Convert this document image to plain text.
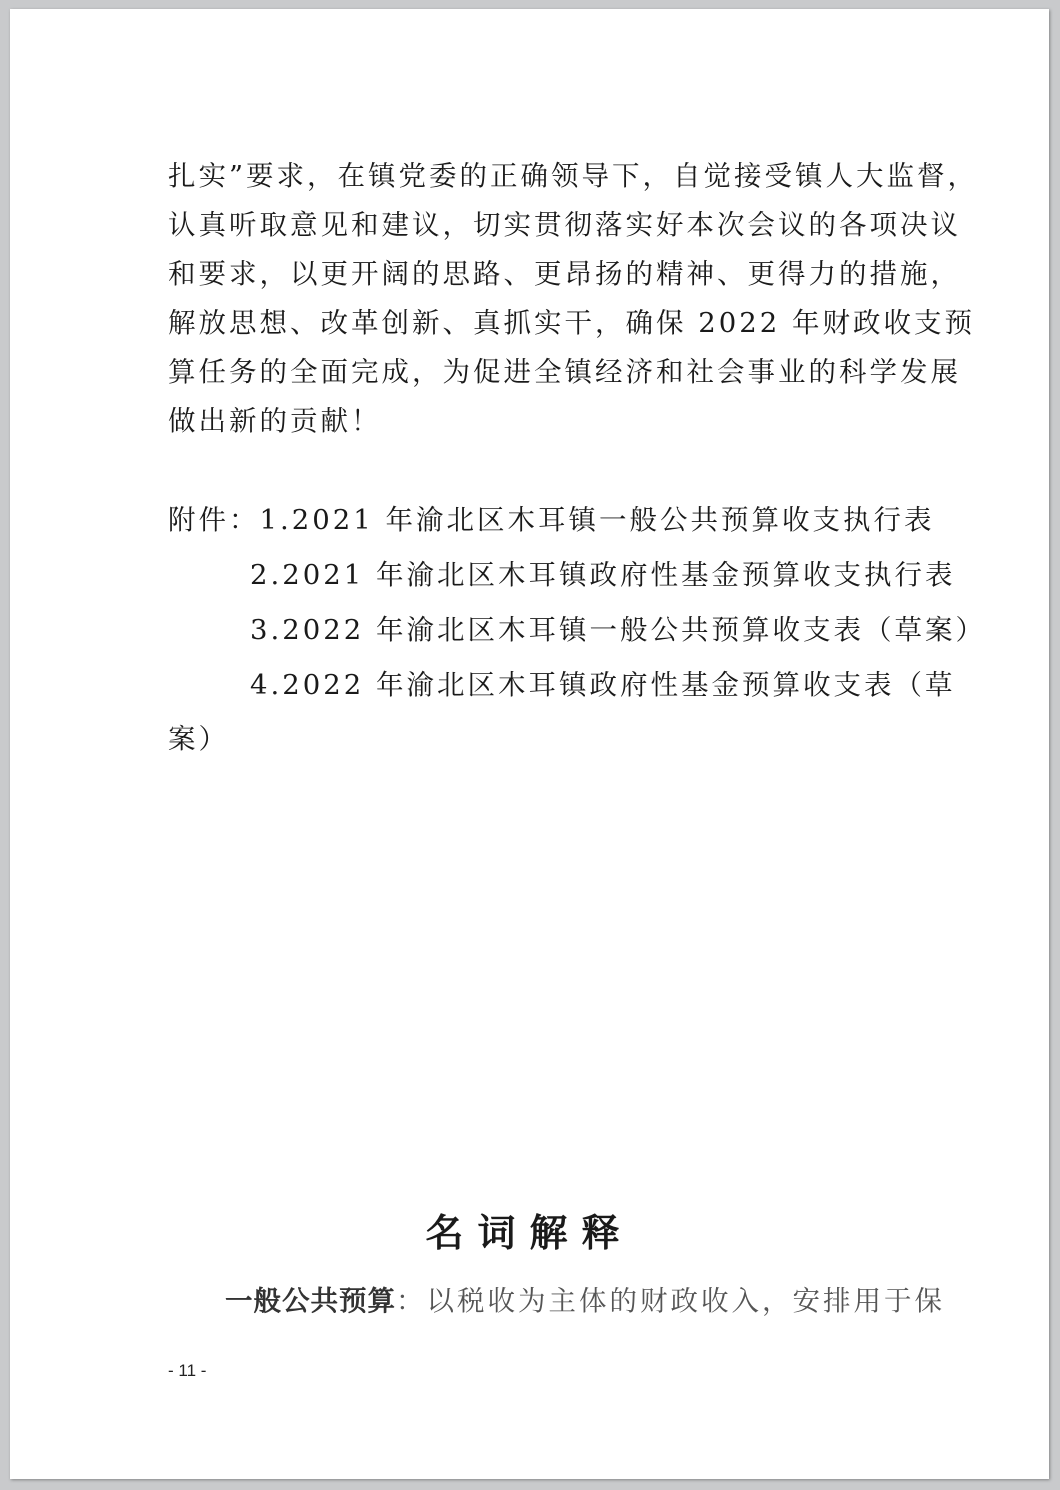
扎实”要求，在镇党委的正确领导下，自觉接受镇人大监督，
认真听取意见和建议，切实贯彻落实好本次会议的各项决议
和要求，以更开阔的思路、更昂扬的精神、更得力的措施，
解放思想、改革创新、真抓实干，确保 2022 年财政收支预
算任务的全面完成，为促进全镇经济和社会事业的科学发展
做出新的贡献！
附件：1.2021 年渝北区木耳镇一般公共预算收支执行表
2.2021 年渝北区木耳镇政府性基金预算收支执行表
3.2022 年渝北区木耳镇一般公共预算收支表（草案）
4.2022 年渝北区木耳镇政府性基金预算收支表（草
案）
名词解释
一般公共预算：以税收为主体的财政收入，安排用于保
- 11 -
